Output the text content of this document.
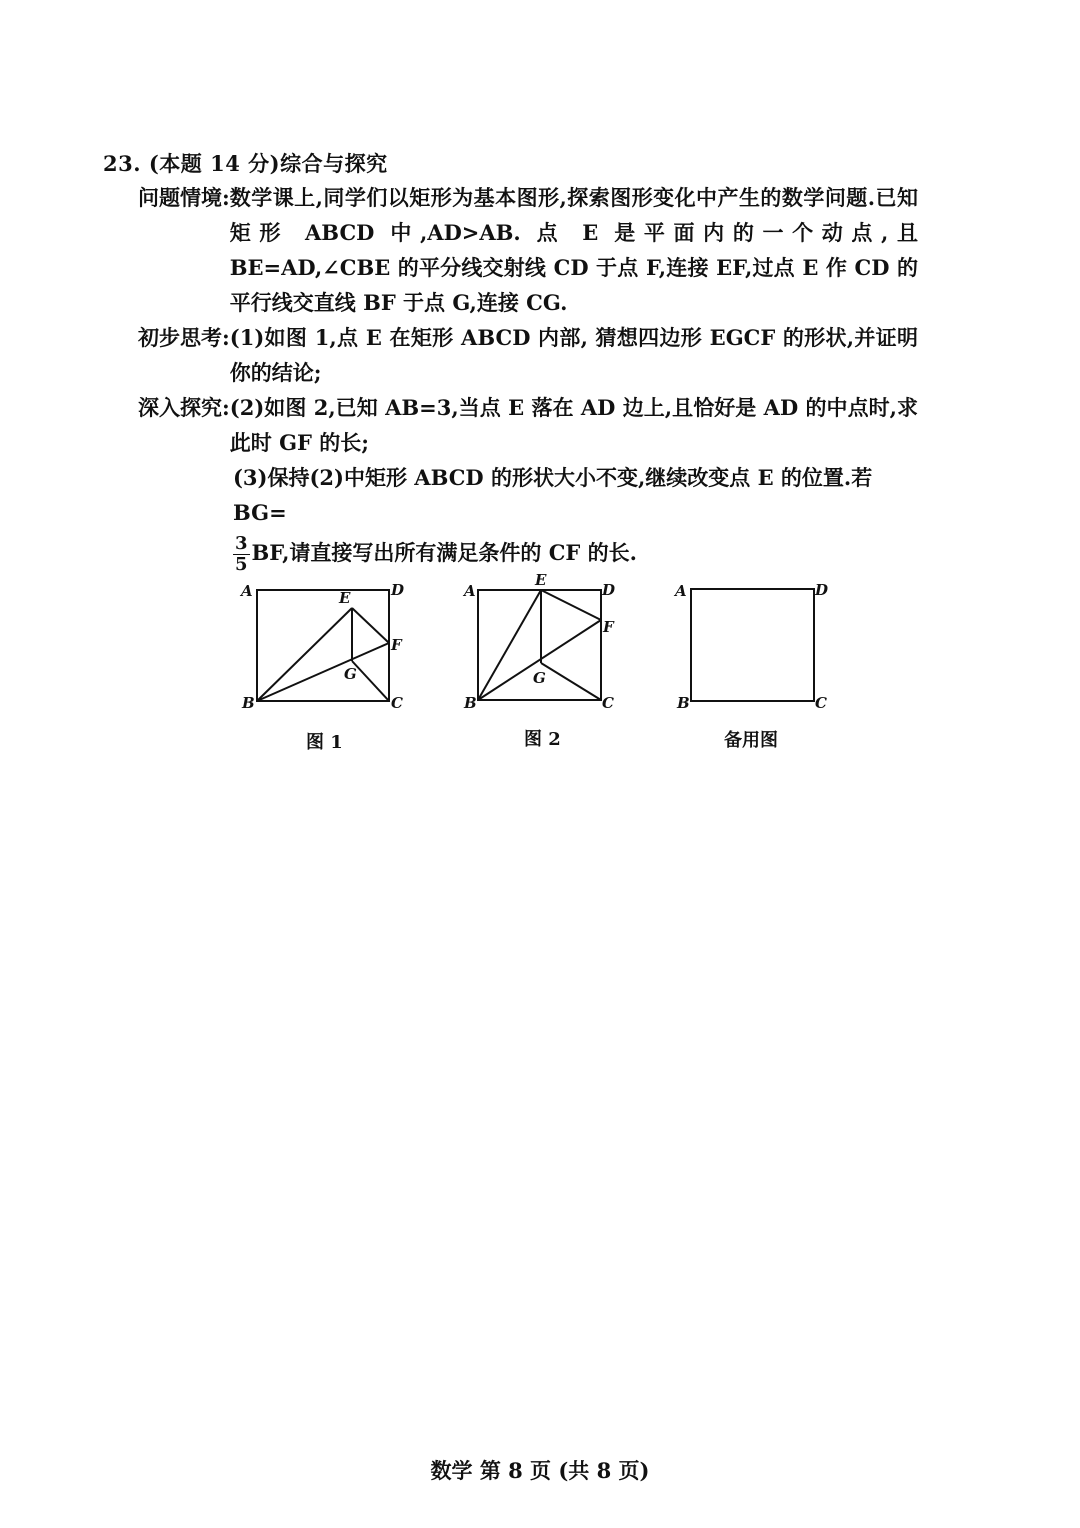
23. (本题 14 分)综合与探究
问题情境: 数学课上,同学们以矩形为基本图形,探索图形变化中产生的数学问题.已知矩形 ABCD 中,AD>AB. 点 E 是平面内的一个动点,且 BE=AD,∠CBE 的平分线交射线 CD 于点 F,连接 EF,过点 E 作 CD 的平行线交直线 BF 于点 G,连接 CG.
初步思考: (1)如图 1,点 E 在矩形 ABCD 内部, 猜想四边形 EGCF 的形状,并证明你的结论;
深入探究: (2)如图 2,已知 AB=3,当点 E 落在 AD 边上,且恰好是 AD 的中点时,求此时 GF 的长;
(3)保持(2)中矩形 ABCD 的形状大小不变,继续改变点 E 的位置.若 BG=
$\frac{3}{5}$ BF,请直接写出所有满足条件的 CF 的长.
A	D
B	C
E
F
G
图 1
A	D
B	C
E
F
G
图 2
A	D
B	C
备用图
数学 第 8 页 (共 8 页)
